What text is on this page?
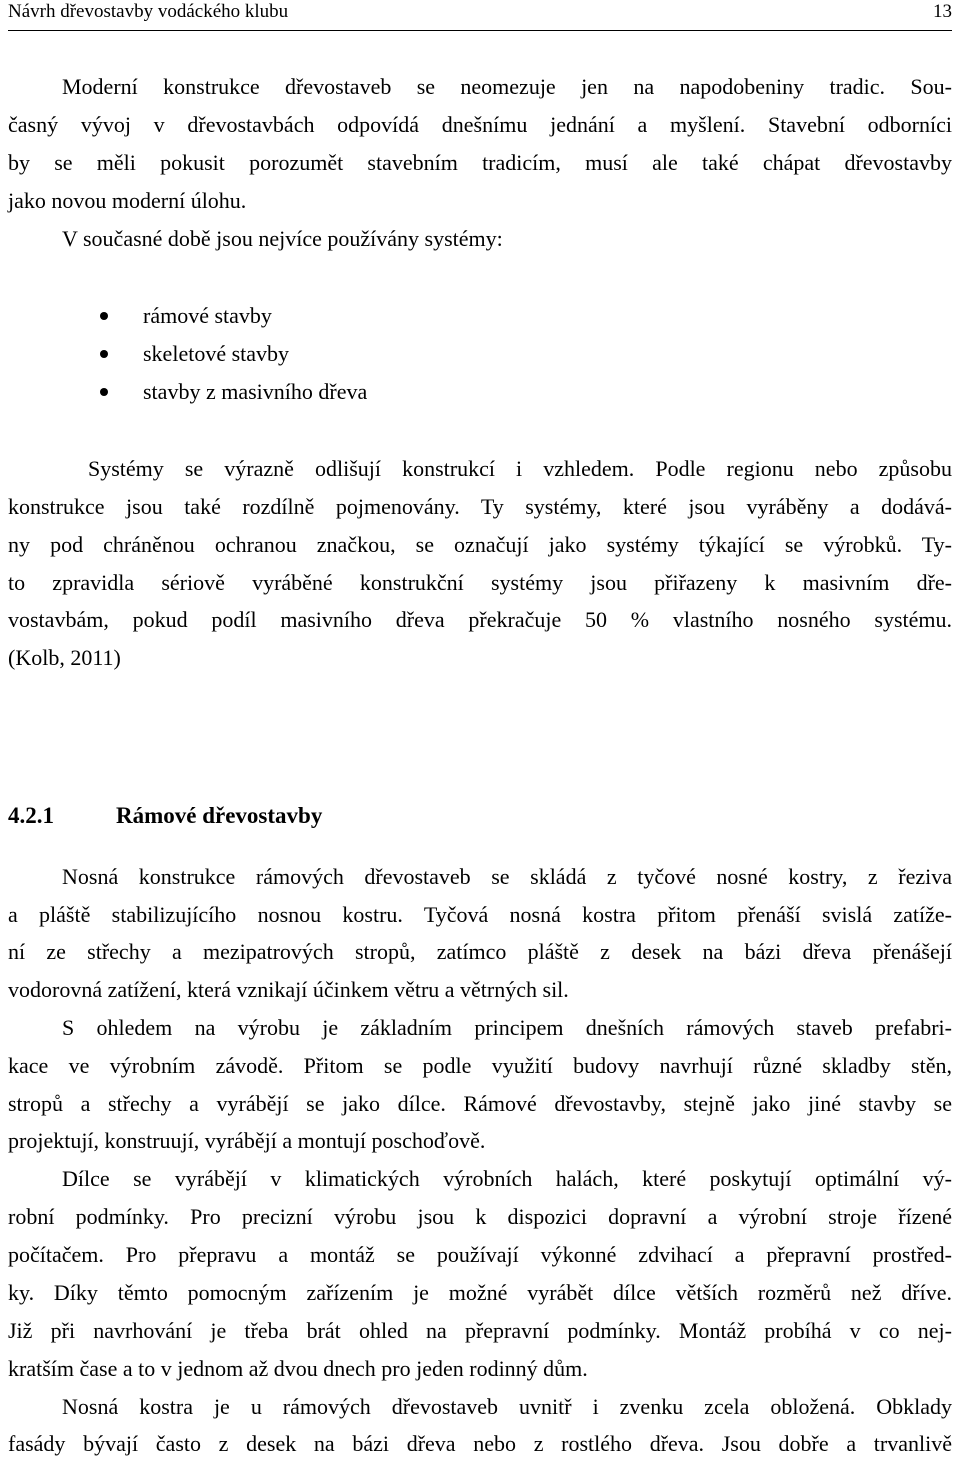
Návrh dřevostavby vodáckého klubu	13
Moderní konstrukce dřevostaveb se neomezuje jen na napodobeniny tradic. Sou-
časný vývoj v dřevostavbách odpovídá dnešnímu jednání a myšlení. Stavební odborníci
by se měli pokusit porozumět stavebním tradicím, musí ale také chápat dřevostavby
jako novou moderní úlohu.
V současné době jsou nejvíce používány systémy:
rámové stavby
skeletové stavby
stavby z masivního dřeva
Systémy se výrazně odlišují konstrukcí i vzhledem. Podle regionu nebo způsobu
konstrukce jsou také rozdílně pojmenovány. Ty systémy, které jsou vyráběny a dodává-
ny pod chráněnou ochranou značkou, se označují jako systémy týkající se výrobků. Ty-
to zpravidla sériově vyráběné konstrukční systémy jsou přiřazeny k masivním dře-
vostavbám, pokud podíl masivního dřeva překračuje 50 % vlastního nosného systému.
(Kolb, 2011)
4.2.1	Rámové dřevostavby
Nosná konstrukce rámových dřevostaveb se skládá z tyčové nosné kostry, z řeziva
a pláště stabilizujícího nosnou kostru. Tyčová nosná kostra přitom přenáší svislá zatíže-
ní ze střechy a mezipatrových stropů, zatímco pláště z desek na bázi dřeva přenášejí
vodorovná zatížení, která vznikají účinkem větru a větrných sil.
S ohledem na výrobu je základním principem dnešních rámových staveb prefabri-
kace ve výrobním závodě. Přitom se podle využití budovy navrhují různé skladby stěn,
stropů a střechy a vyrábějí se jako dílce. Rámové dřevostavby, stejně jako jiné stavby se
projektují, konstruují, vyrábějí a montují poschoďově.
Dílce se vyrábějí v klimatických výrobních halách, které poskytují optimální vý-
robní podmínky. Pro precizní výrobu jsou k dispozici dopravní a výrobní stroje řízené
počítačem. Pro přepravu a montáž se používají výkonné zdvihací a přepravní prostřed-
ky. Díky těmto pomocným zařízením je možné vyrábět dílce větších rozměrů než dříve.
Již při navrhování je třeba brát ohled na přepravní podmínky. Montáž probíhá v co nej-
kratším čase a to v jednom až dvou dnech pro jeden rodinný dům.
Nosná kostra je u rámových dřevostaveb uvnitř i zvenku zcela obložená. Obklady
fasády bývají často z desek na bázi dřeva nebo z rostlého dřeva. Jsou dobře a trvanlivě
